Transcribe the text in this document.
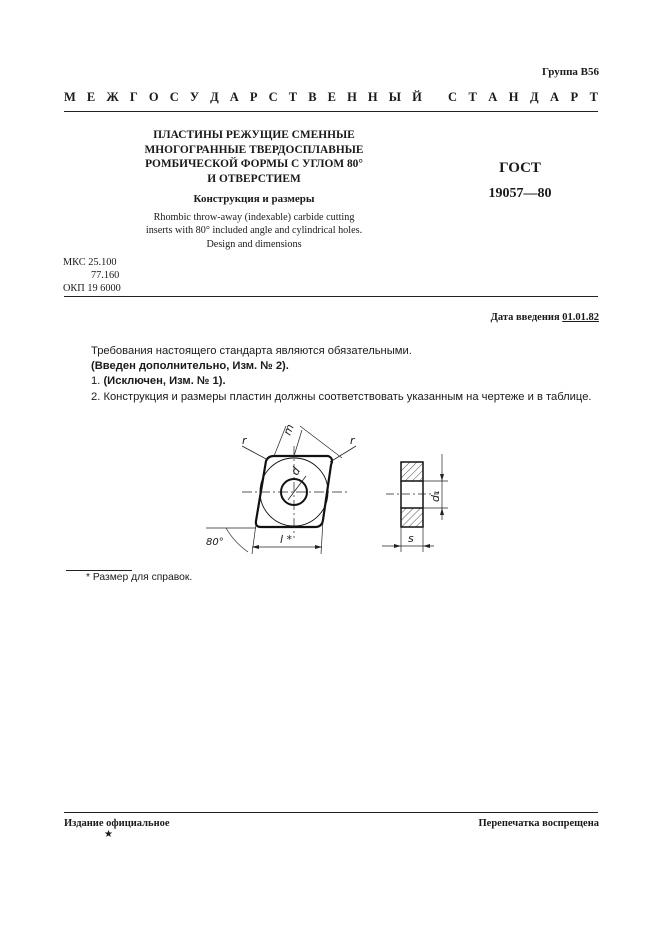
Группа В56
М Е Ж Г О С У Д А Р С Т В Е Н Н Ы Й С Т А Н Д А Р Т
ПЛАСТИНЫ РЕЖУЩИЕ СМЕННЫЕ
МНОГОГРАННЫЕ ТВЕРДОСПЛАВНЫЕ
РОМБИЧЕСКОЙ ФОРМЫ С УГЛОМ 80°
И ОТВЕРСТИЕМ
Конструкция и размеры
Rhombic throw-away (indexable) carbide cutting
inserts with 80° included angle and cylindrical holes.
Design and dimensions
ГОСТ
19057—80
МКС 25.100
77.160
ОКП 19 6000
Дата введения 01.01.82
Требования настоящего стандарта являются обязательными.
(Введен дополнительно, Изм. № 2).
1. (Исключен, Изм. № 1).
2. Конструкция и размеры пластин должны соответствовать указанным на чертеже и в таблице.
r	r
m
d
80°	l *
d₁
s
* Размер для справок.
Издание официальное	Перепечатка воспрещена
★
